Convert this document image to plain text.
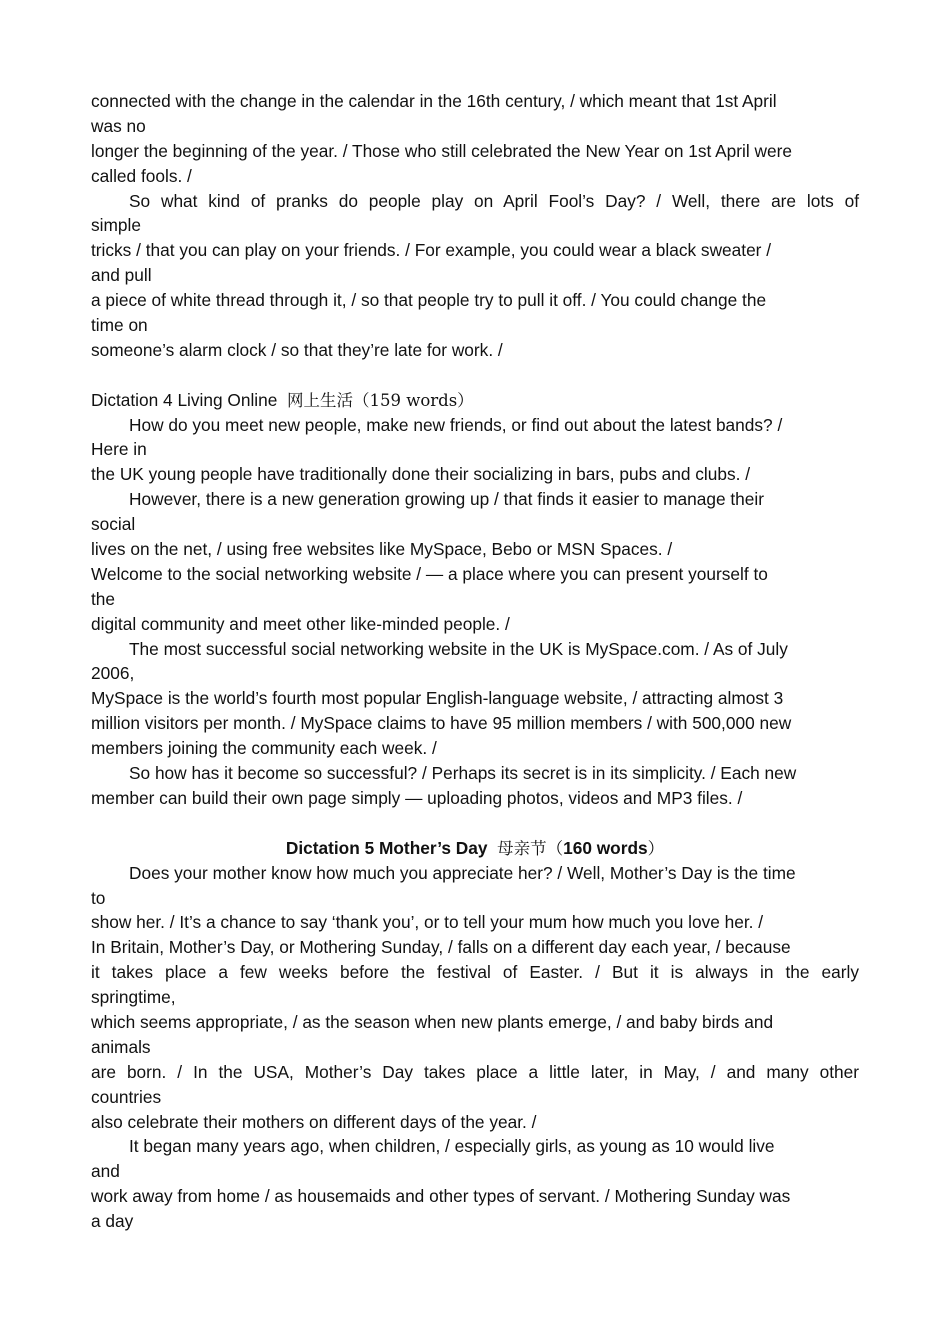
connected with the change in the calendar in the 16th century, / which meant that 1st April
was no
longer the beginning of the year. / Those who still celebrated the New Year on 1st April were
called fools. /
So what kind of pranks do people play on April Fool’s Day? / Well, there are lots of
simple
tricks / that you can play on your friends. / For example, you could wear a black sweater /
and pull
a piece of white thread through it, / so that people try to pull it off. / You could change the
time on
someone’s alarm clock / so that they’re late for work. /
Dictation 4 Living Online 网上生活（159 words）
How do you meet new people, make new friends, or find out about the latest bands? /
Here in
the UK young people have traditionally done their socializing in bars, pubs and clubs. /
However, there is a new generation growing up / that finds it easier to manage their
social
lives on the net, / using free websites like MySpace, Bebo or MSN Spaces. /
Welcome to the social networking website / — a place where you can present yourself to
the
digital community and meet other like-minded people. /
The most successful social networking website in the UK is MySpace.com. / As of July
2006,
MySpace is the world’s fourth most popular English-language website, / attracting almost 3
million visitors per month. / MySpace claims to have 95 million members / with 500,000 new
members joining the community each week. /
So how has it become so successful? / Perhaps its secret is in its simplicity. / Each new
member can build their own page simply — uploading photos, videos and MP3 files. /
Dictation 5 Mother’s Day 母亲节（160 words）
Does your mother know how much you appreciate her? / Well, Mother’s Day is the time
to
show her. / It’s a chance to say ‘thank you’, or to tell your mum how much you love her. /
In Britain, Mother’s Day, or Mothering Sunday, / falls on a different day each year, / because
it takes place a few weeks before the festival of Easter. / But it is always in the early
springtime,
which seems appropriate, / as the season when new plants emerge, / and baby birds and
animals
are born. / In the USA, Mother’s Day takes place a little later, in May, / and many other
countries
also celebrate their mothers on different days of the year. /
It began many years ago, when children, / especially girls, as young as 10 would live
and
work away from home / as housemaids and other types of servant. / Mothering Sunday was
a day
